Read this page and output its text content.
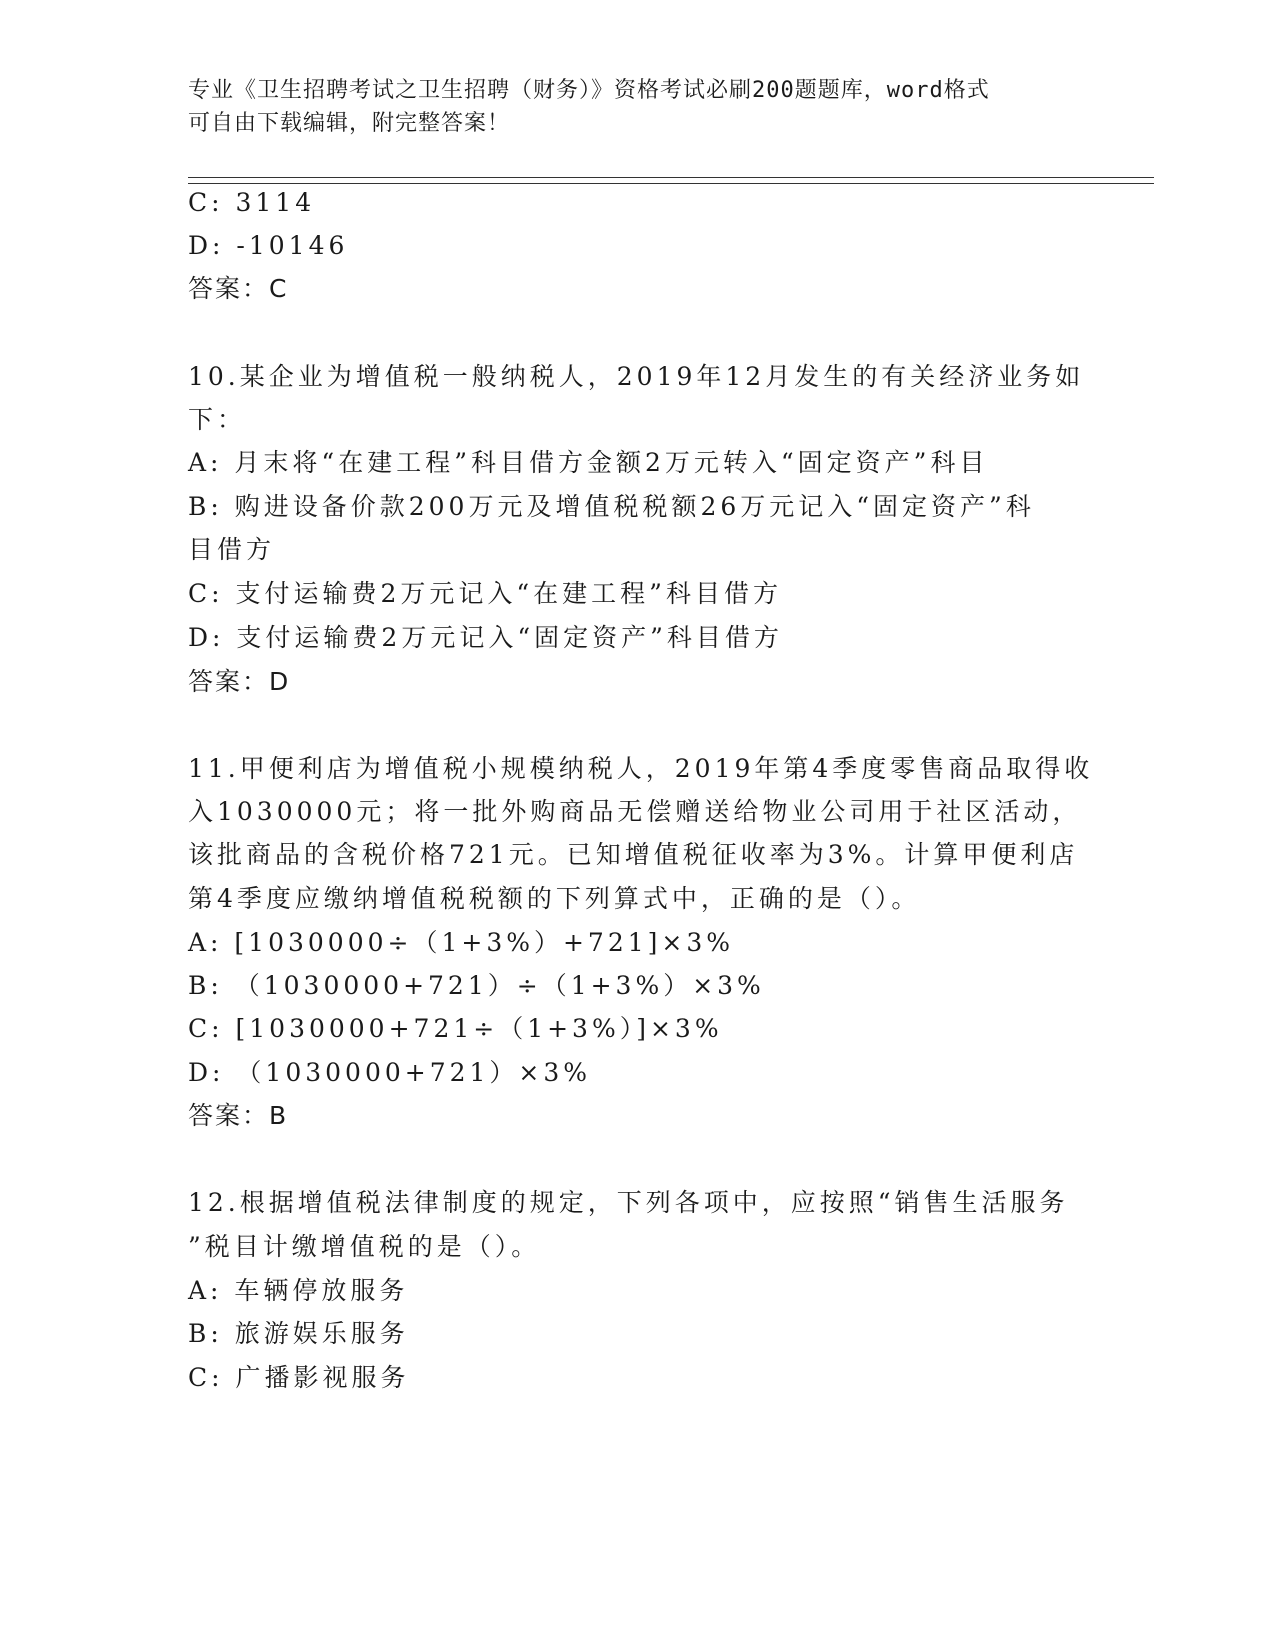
专业《卫生招聘考试之卫生招聘（财务）》资格考试必刷200题题库，word格式
可自由下载编辑，附完整答案！
C: 3114
D: -10146
答案：C
10.某企业为增值税一般纳税人，2019年12月发生的有关经济业务如
下：
A: 月末将“在建工程”科目借方金额2万元转入“固定资产”科目
B: 购进设备价款200万元及增值税税额26万元记入“固定资产”科
目借方
C: 支付运输费2万元记入“在建工程”科目借方
D: 支付运输费2万元记入“固定资产”科目借方
答案：D
11.甲便利店为增值税小规模纳税人，2019年第4季度零售商品取得收
入1030000元；将一批外购商品无偿赠送给物业公司用于社区活动，
该批商品的含税价格721元。已知增值税征收率为3%。计算甲便利店
第4季度应缴纳增值税税额的下列算式中，正确的是（）。
A: [1030000÷（1+3%）+721]×3%
B: （1030000+721）÷（1+3%）×3%
C: [1030000+721÷（1+3%）]×3%
D: （1030000+721）×3%
答案：B
12.根据增值税法律制度的规定，下列各项中，应按照“销售生活服务
”税目计缴增值税的是（）。
A: 车辆停放服务
B: 旅游娱乐服务
C: 广播影视服务
